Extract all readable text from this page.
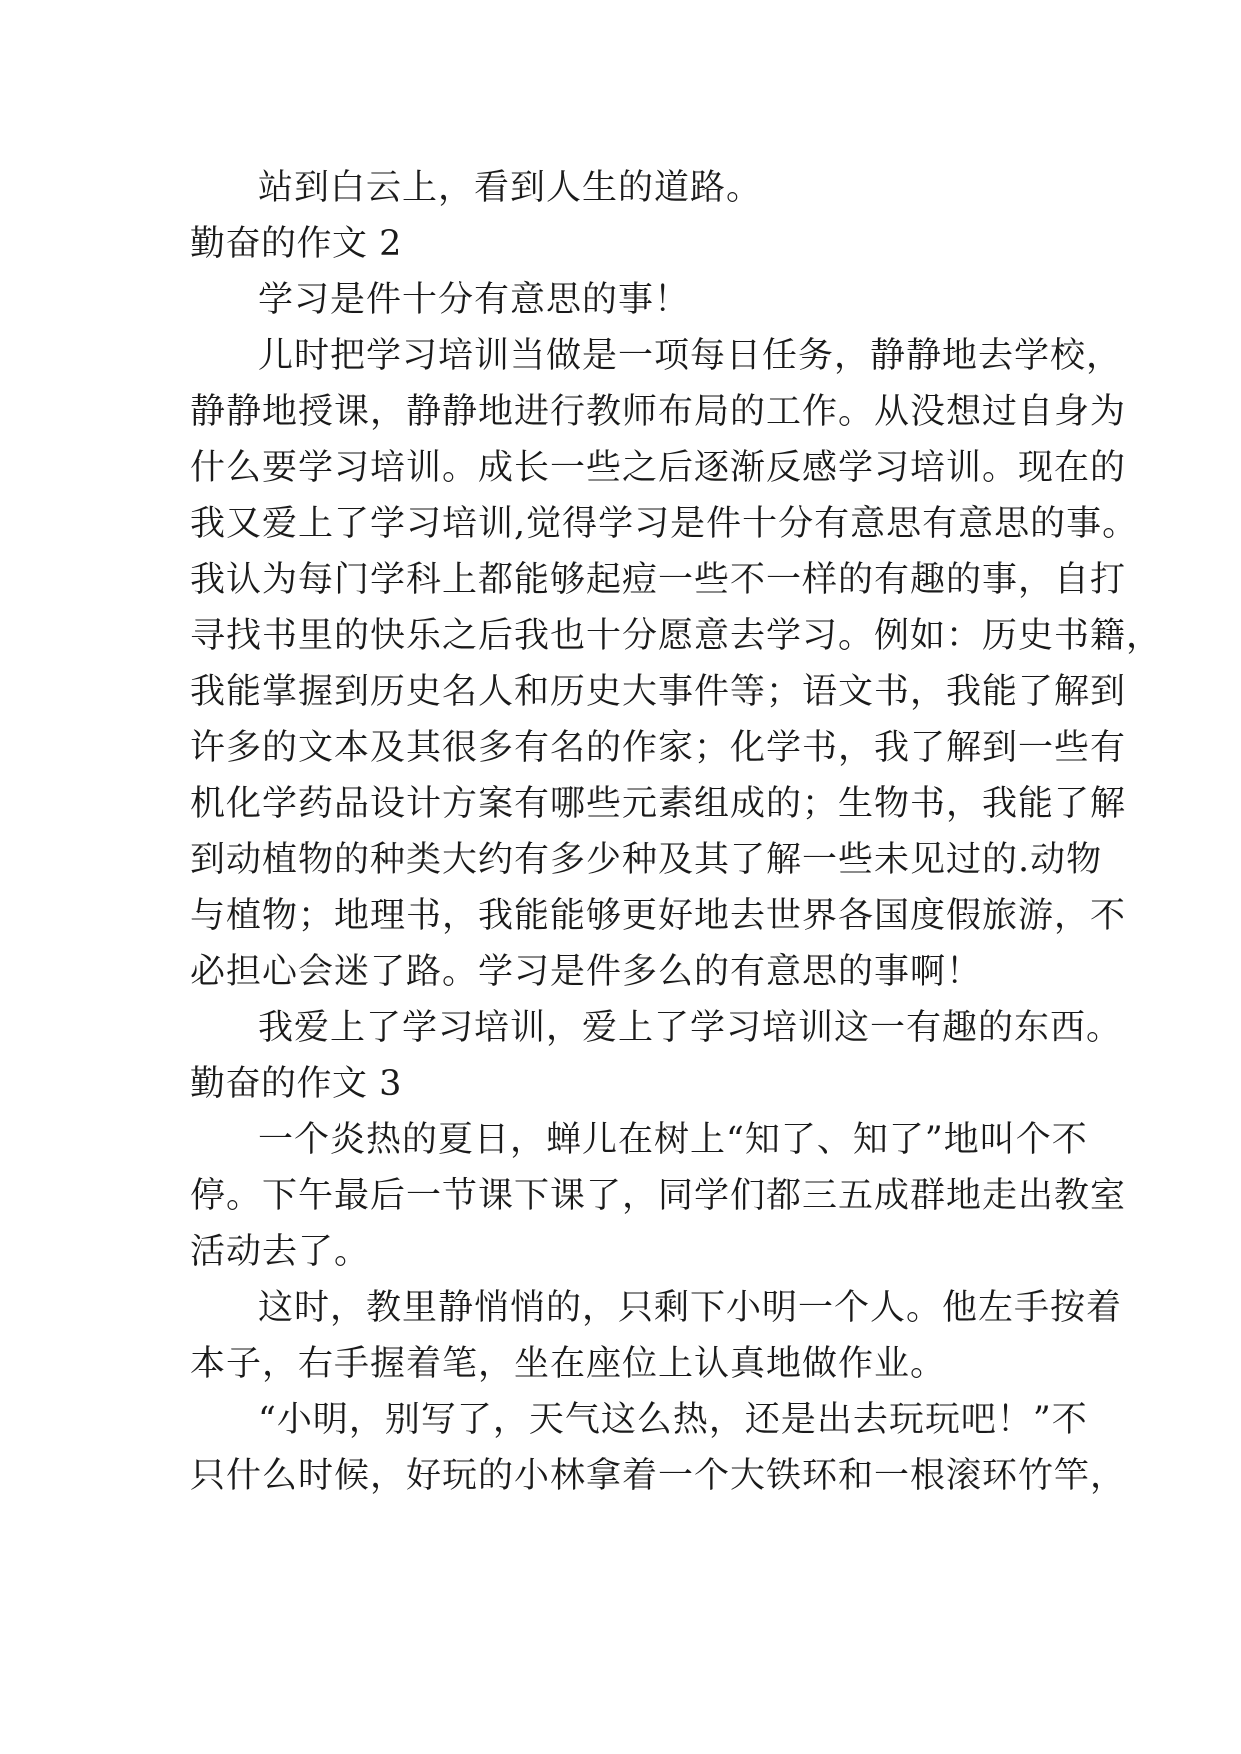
站到白云上，看到人生的道路。
勤奋的作文 2
学习是件十分有意思的事！
儿时把学习培训当做是一项每日任务，静静地去学校，
静静地授课，静静地进行教师布局的工作。从没想过自身为
什么要学习培训。成长一些之后逐渐反感学习培训。现在的
我又爱上了学习培训,觉得学习是件十分有意思有意思的事。
我认为每门学科上都能够起痘一些不一样的有趣的事，自打
寻找书里的快乐之后我也十分愿意去学习。例如：历史书籍，
我能掌握到历史名人和历史大事件等；语文书，我能了解到
许多的文本及其很多有名的作家；化学书，我了解到一些有
机化学药品设计方案有哪些元素组成的；生物书，我能了解
到动植物的种类大约有多少种及其了解一些未见过的.动物
与植物；地理书，我能能够更好地去世界各国度假旅游，不
必担心会迷了路。学习是件多么的有意思的事啊！
我爱上了学习培训，爱上了学习培训这一有趣的东西。
勤奋的作文 3
一个炎热的夏日，蝉儿在树上“知了、知了”地叫个不
停。下午最后一节课下课了，同学们都三五成群地走出教室
活动去了。
这时，教里静悄悄的，只剩下小明一个人。他左手按着
本子，右手握着笔，坐在座位上认真地做作业。
“小明，别写了，天气这么热，还是出去玩玩吧！”不
只什么时候，好玩的小林拿着一个大铁环和一根滚环竹竿，
